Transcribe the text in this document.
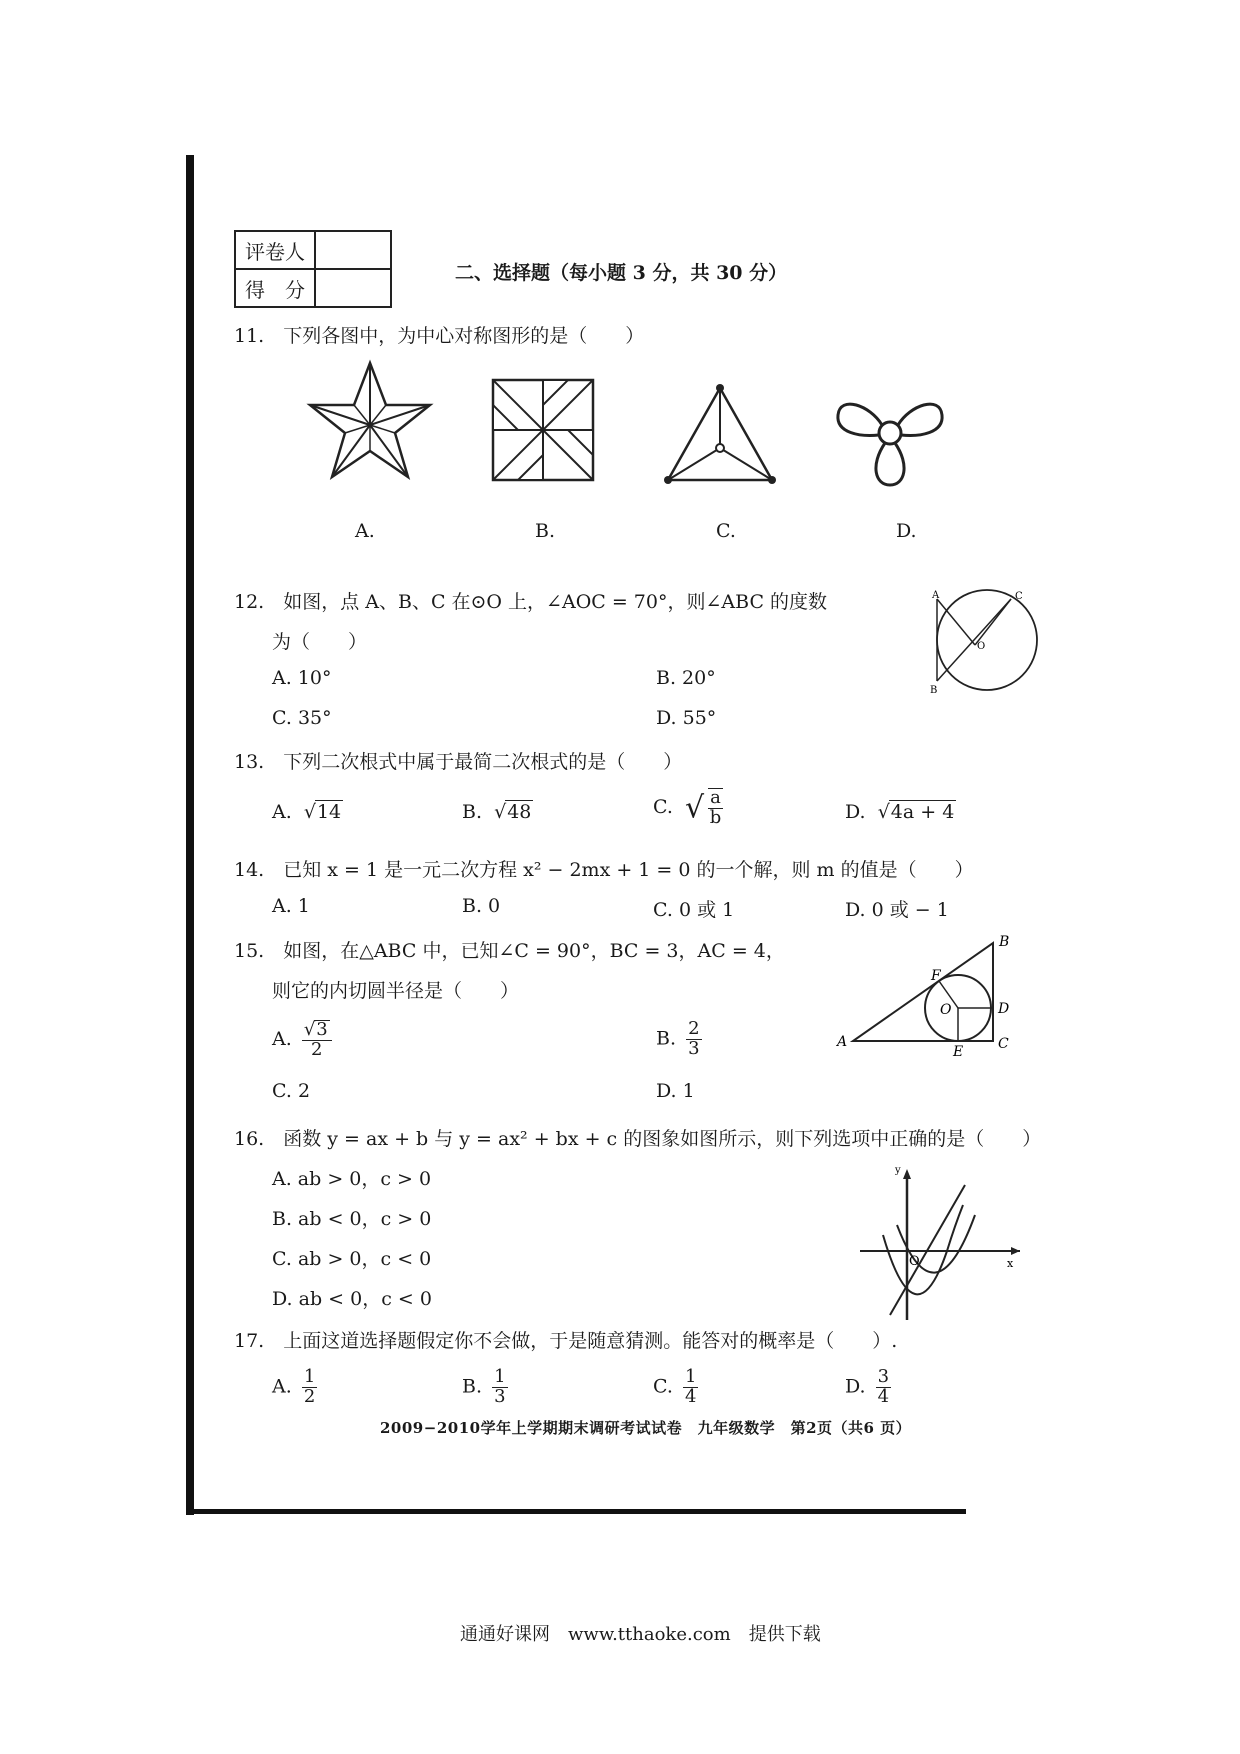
评卷人	
得　分	
二、选择题（每小题 3 分，共 30 分）
11.　下列各图中，为中心对称图形的是（　　）
A.	B.	C.	D.
12.　如图，点 A、B、C 在⊙O 上，∠AOC = 70°，则∠ABC 的度数
为（　　）
A. 10°	B. 20°
C. 35°	D. 55°
A	C
O
B
13.　下列二次根式中属于最简二次根式的是（　　）
A.  √14	B.  √48	C. √ $\frac{a}{b}$	D.  √4a + 4
14.　已知 x = 1 是一元二次方程 x² − 2mx + 1 = 0 的一个解，则 m 的值是（　　）
A. 1	B. 0	C. 0 或 1	D. 0 或 − 1
15.　如图，在△ABC 中，已知∠C = 90°，BC = 3，AC = 4，
则它的内切圆半径是（　　）
A. $\frac{√3}{2}$	B. $\frac{2}{3}$
C. 2	D. 1
B
F
D
O
A
E C
16.　函数 y = ax + b 与 y = ax² + bx + c 的图象如图所示，则下列选项中正确的是（　　）
A. ab > 0，c > 0
B. ab < 0，c > 0
C. ab > 0，c < 0
D. ab < 0，c < 0
y
O	x
17.　上面这道选择题假定你不会做，于是随意猜测。能答对的概率是（　　）.
A. $\frac{1}{2}$	B. $\frac{1}{3}$	C. $\frac{1}{4}$	D. $\frac{3}{4}$
2009−2010学年上学期期末调研考试试卷　九年级数学　第2页（共6 页）
通通好课网　www.tthaoke.com　提供下载
